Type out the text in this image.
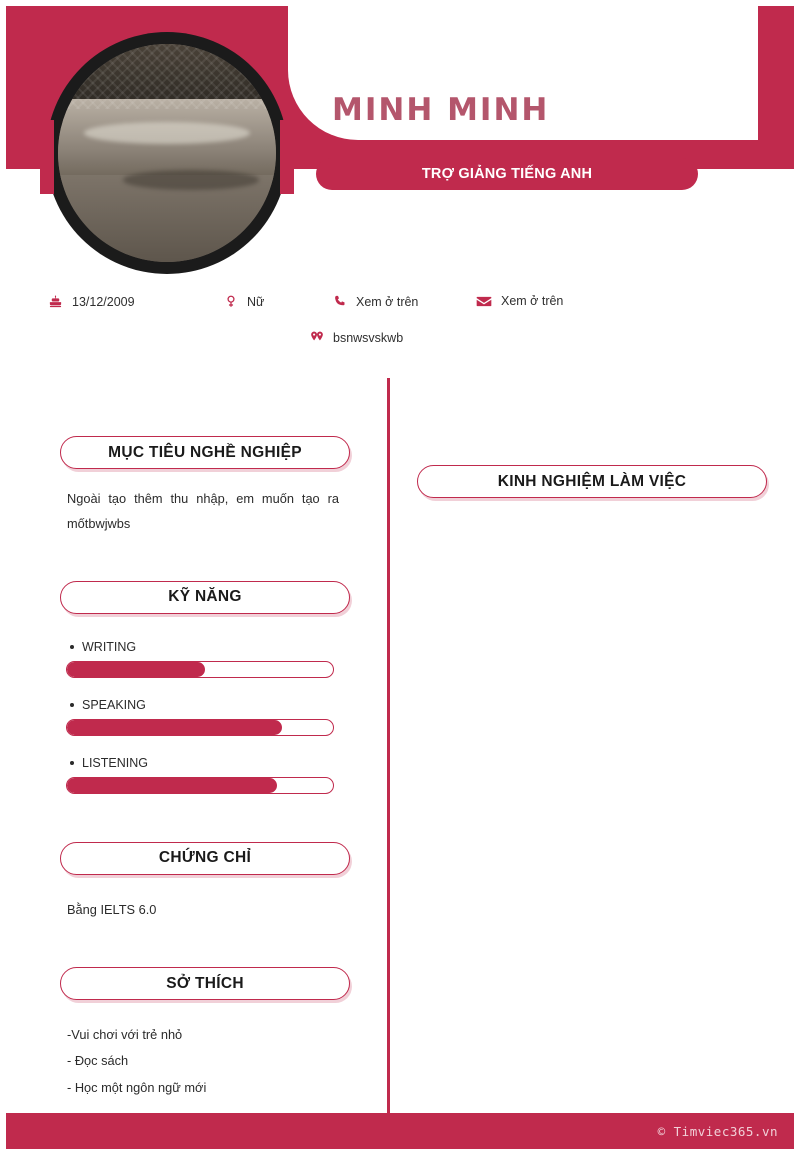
MINH MINH
TRỢ GIẢNG TIẾNG ANH
13/12/2009	Nữ	Xem ở trên	Xem ở trên
bsnwsvskwb
MỤC TIÊU NGHỀ NGHIỆP
Ngoài tạo thêm thu nhập, em muốn tạo ra mốtbwjwbs
KỸ NĂNG
WRITING
SPEAKING
LISTENING
CHỨNG CHỈ
Bằng IELTS 6.0
SỞ THÍCH
-Vui chơi với trẻ nhỏ
- Đọc sách
- Học một ngôn ngữ mới
KINH NGHIỆM LÀM VIỆC
© Timviec365.vn
